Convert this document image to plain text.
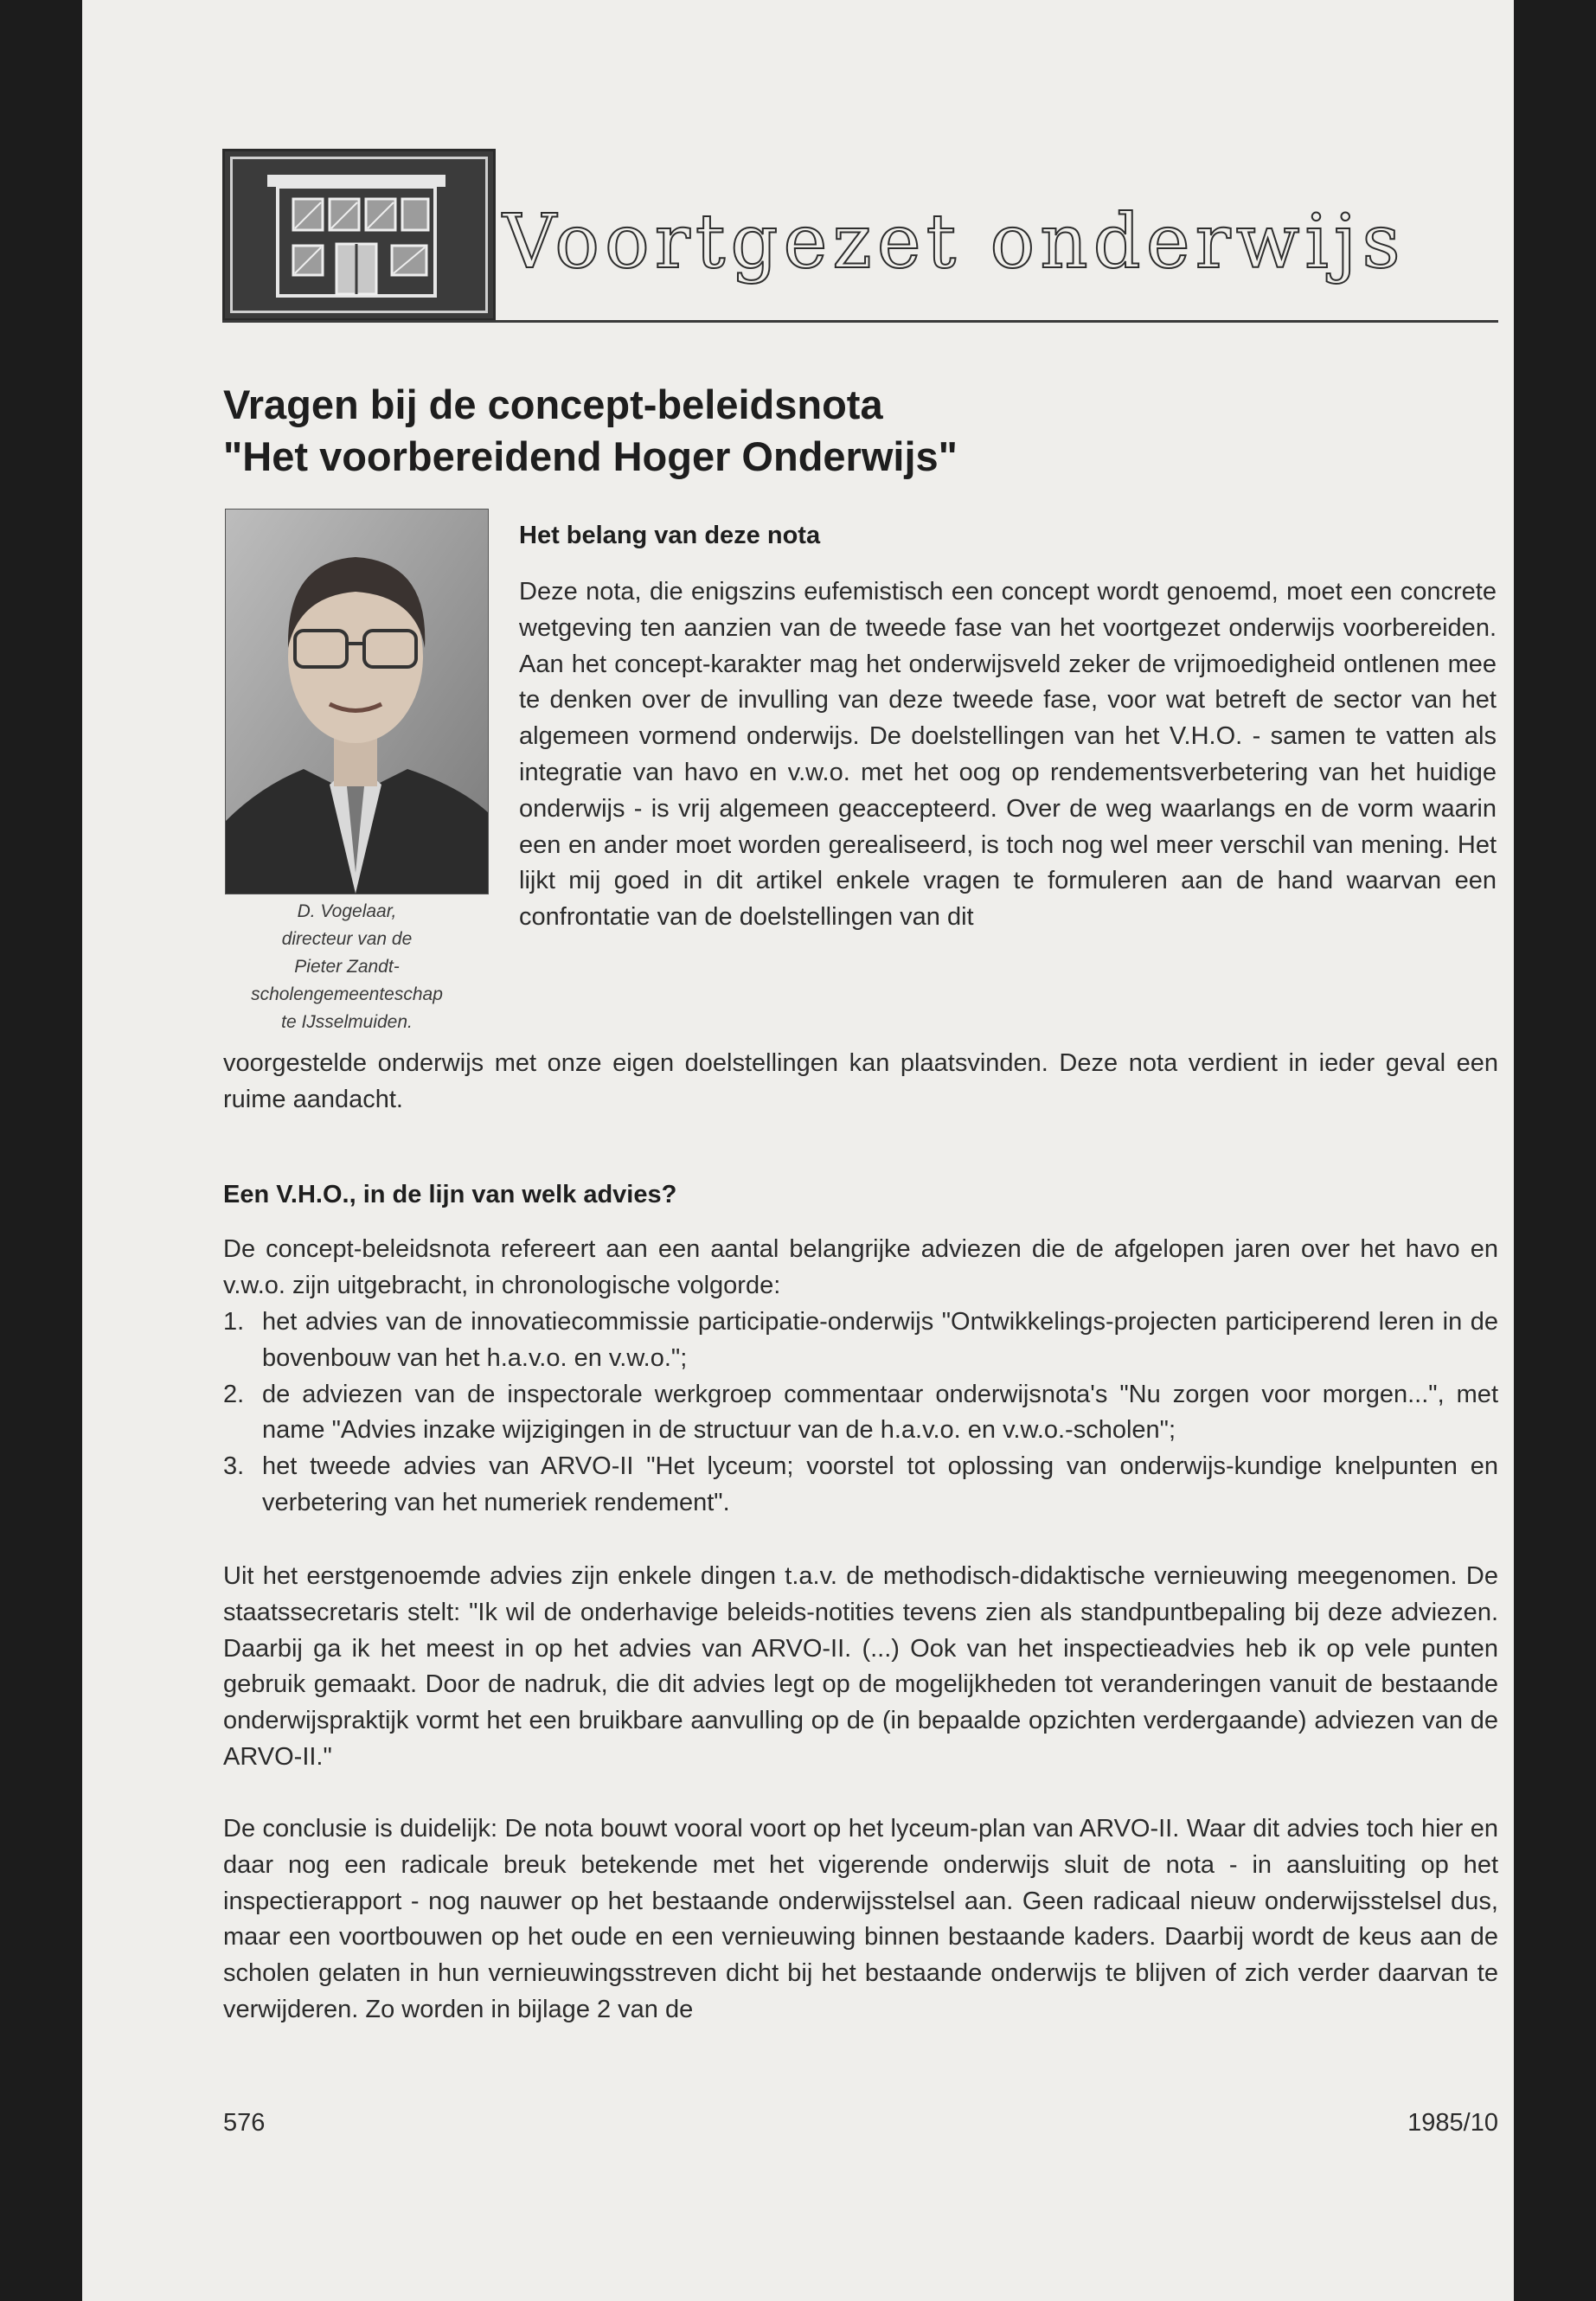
Voortgezet onderwijs
Vragen bij de concept-beleidsnota
"Het voorbereidend Hoger Onderwijs"
D. Vogelaar,
directeur van de
Pieter Zandt-
scholengemeenteschap
te IJsselmuiden.
Het belang van deze nota
Deze nota, die enigszins eufemistisch een concept wordt genoemd, moet een concrete wetgeving ten aanzien van de tweede fase van het voortgezet onderwijs voorbereiden. Aan het concept-karakter mag het onderwijsveld zeker de vrijmoedigheid ontlenen mee te denken over de invulling van deze tweede fase, voor wat betreft de sector van het algemeen vormend onderwijs. De doelstellingen van het V.H.O. - samen te vatten als integratie van havo en v.w.o. met het oog op rendementsverbetering van het huidige onderwijs - is vrij algemeen geaccepteerd. Over de weg waarlangs en de vorm waarin een en ander moet worden gerealiseerd, is toch nog wel meer verschil van mening. Het lijkt mij goed in dit artikel enkele vragen te formuleren aan de hand waarvan een confrontatie van de doelstellingen van dit
voorgestelde onderwijs met onze eigen doelstellingen kan plaatsvinden. Deze nota verdient in ieder geval een ruime aandacht.
Een V.H.O., in de lijn van welk advies?
De concept-beleidsnota refereert aan een aantal belangrijke adviezen die de afgelopen jaren over het havo en v.w.o. zijn uitgebracht, in chronologische volgorde:
1. het advies van de innovatiecommissie participatie-onderwijs "Ontwikkelings-projecten participerend leren in de bovenbouw van het h.a.v.o. en v.w.o.";
2. de adviezen van de inspectorale werkgroep commentaar onderwijsnota's "Nu zorgen voor morgen...", met name "Advies inzake wijzigingen in de structuur van de h.a.v.o. en v.w.o.-scholen";
3. het tweede advies van ARVO-II "Het lyceum; voorstel tot oplossing van onderwijs-kundige knelpunten en verbetering van het numeriek rendement".
Uit het eerstgenoemde advies zijn enkele dingen t.a.v. de methodisch-didaktische vernieuwing meegenomen. De staatssecretaris stelt: "Ik wil de onderhavige beleids-notities tevens zien als standpuntbepaling bij deze adviezen. Daarbij ga ik het meest in op het advies van ARVO-II. (...) Ook van het inspectieadvies heb ik op vele punten gebruik gemaakt. Door de nadruk, die dit advies legt op de mogelijkheden tot veranderingen vanuit de bestaande onderwijspraktijk vormt het een bruikbare aanvulling op de (in bepaalde opzichten verdergaande) adviezen van de ARVO-II."
De conclusie is duidelijk: De nota bouwt vooral voort op het lyceum-plan van ARVO-II. Waar dit advies toch hier en daar nog een radicale breuk betekende met het vigerende onderwijs sluit de nota - in aansluiting op het inspectierapport - nog nauwer op het bestaande onderwijsstelsel aan. Geen radicaal nieuw onderwijsstelsel dus, maar een voortbouwen op het oude en een vernieuwing binnen bestaande kaders. Daarbij wordt de keus aan de scholen gelaten in hun vernieuwingsstreven dicht bij het bestaande onderwijs te blijven of zich verder daarvan te verwijderen. Zo worden in bijlage 2 van de
576	1985/10
